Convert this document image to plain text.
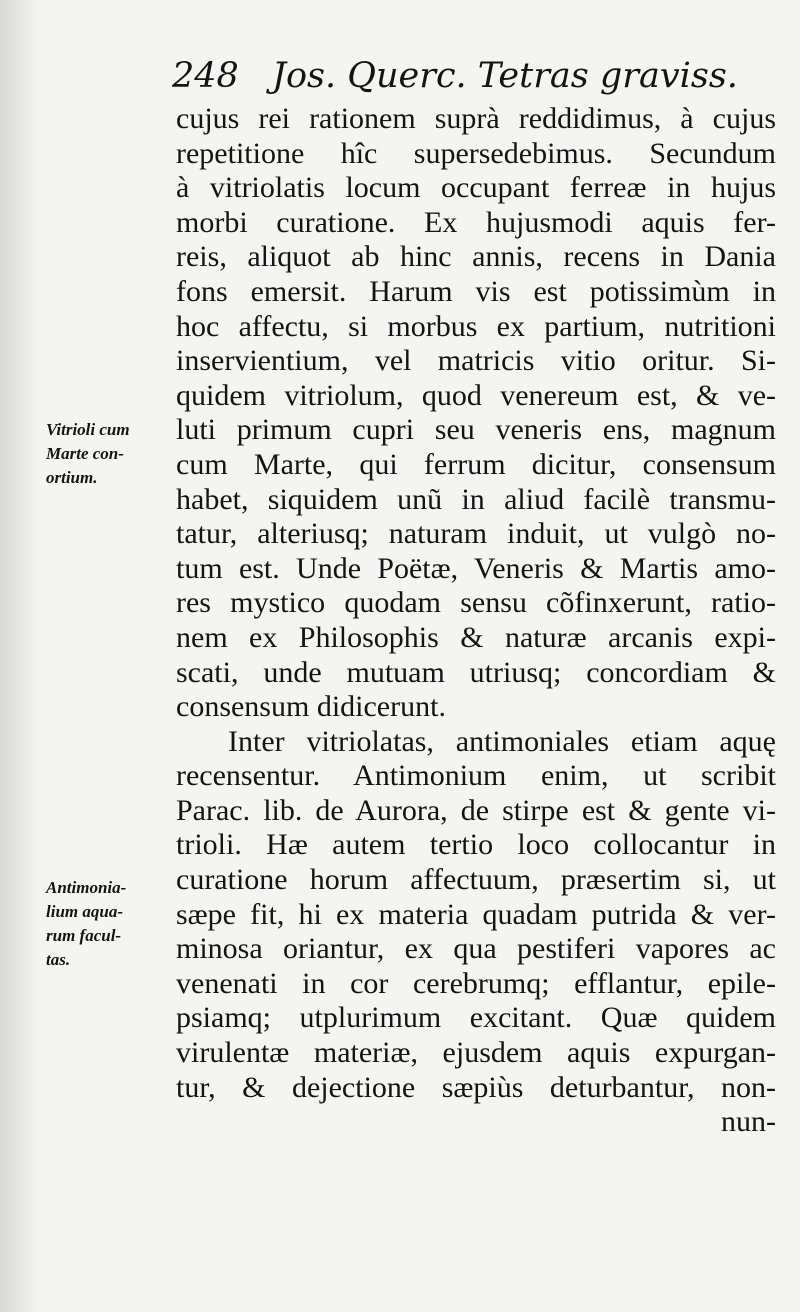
248 Jos. Querc. Tetras graviss.
Vitrioli cum
Marte con-
ortium.
Antimonia-
lium aqua-
rum facul-
tas.
cujus rei rationem suprà reddidimus, à cujus
repetitione hîc supersedebimus. Secundum
à vitriolatis locum occupant ferreæ in hujus
morbi curatione. Ex hujusmodi aquis fer-
reis, aliquot ab hinc annis, recens in Dania
fons emersit. Harum vis est potissimùm in
hoc affectu, si morbus ex partium, nutritioni
inservientium, vel matricis vitio oritur. Si-
quidem vitriolum, quod venereum est, & ve-
luti primum cupri seu veneris ens, magnum
cum Marte, qui ferrum dicitur, consensum
habet, siquidem unũ in aliud facilè transmu-
tatur, alteriusq; naturam induit, ut vulgò no-
tum est. Unde Poëtæ, Veneris & Martis amo-
res mystico quodam sensu cõfinxerunt, ratio-
nem ex Philosophis & naturæ arcanis expi-
scati, unde mutuam utriusq; concordiam &
consensum didicerunt.
Inter vitriolatas, antimoniales etiam aquę
recensentur. Antimonium enim, ut scribit
Parac. lib. de Aurora, de stirpe est & gente vi-
trioli. Hæ autem tertio loco collocantur in
curatione horum affectuum, præsertim si, ut
sæpe fit, hi ex materia quadam putrida & ver-
minosa oriantur, ex qua pestiferi vapores ac
venenati in cor cerebrumq; efflantur, epile-
psiamq; utplurimum excitant. Quæ quidem
virulentæ materiæ, ejusdem aquis expurgan-
tur, & dejectione sæpiùs deturbantur, non-
nun-
